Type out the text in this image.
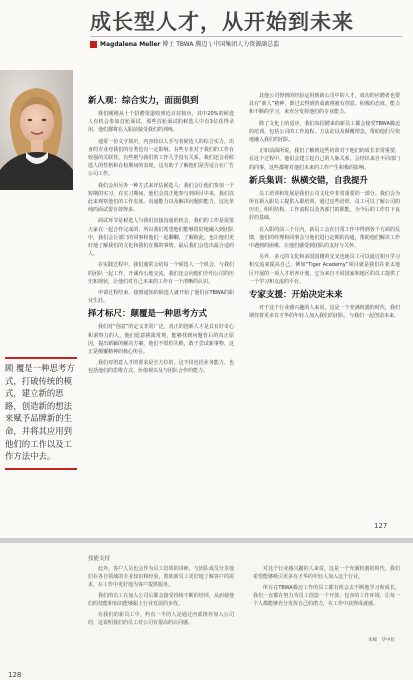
成长型人才，从开始到未来
Magdalena Meller 博士 TBWA 腾迈 \ 中国集团人力资源副总监
顾 覆是一种思考方式，打破传统的模式，建立新的思路，创造新的想法来赋予品牌新的生命，并将其应用到他们的工作以及工作方法中去。
新人观：综合实力，面面俱到

我们刚刚从十个招聘渠道收到近百封简历，其中20%的候选人有机会参加首轮面试，那些首轮面试的候选人中有3位获得录用，他们都将在入职前接受我们的训练。

通常一份文字简历，内容较以人手写者候选人的综合实力，出身的专业对我们的分类也有一定影响。有些专业对于我们的工作有较强的关联性，有些则与我们的工作几乎没有关系。我们还会看候选人的性格和在校期间的表现，这有助于了解他们是否适合在广告公司工作。

我们会用另外一种方式来评估候选人：我们会让他们参加一个短期的实习，在实习期间，他们会真正地参与到项目中来，我们以此来观察他们的工作态度、沟通能力以及解决问题的能力，这比单纯的面试要有效得多。

面试环节是候选人与我们直接沟通的机会，我们的工作是需要大家在一起合作完成的，所以我们希望他们能够很好地融入到团队中，我们会让部门的同事和他们一起聊聊，了解彼此，也让他们更好地了解我们的文化和我们在做的事情。最后我们会选出最合适的人。

在实践过程中，我们通常会给每一个候选人一个机会，与我们的团队一起工作，开诚布公地交流，我们还会向他们介绍公司的历史和现状，让他们对自己未来的工作有一个清晰的认识。

申请过程结束，接到通知的候选人就开始了他们在TBWA的职业生涯。

择才标尺：颠覆是一种思考方式

我们对“创意”的定义非常广泛，真正的创新人才是具有好奇心和洞察力的人，他们愿意挑战常规，能够找到问题背后的真正原因，提出新颖的解决方案。他们不惧怕失败，敢于尝试新事物，这正是颠覆精神的核心所在。

我们对创意人才的要求是全方位的，这不仅包括业务能力，也包括他们的思维方式、价值观以及与团队合作的能力。

其他公司得到的经验运用到新公司中的人才，成功的应聘者也要具有“新人”精神，即过去得到的成就将被有创意、积极的态度、能力和不断的学习，来充分发挥他们的专业能力。

除了文化上的适应，我们每招聘来的新员工都会接受TBWA腾迈的培训，包括公司的工作流程、方法论以及颠覆理念，帮助他们尽快地融入我们的团队。

正如前面所说，我们了解到这些培训对于他们的成长非常重要，在这个过程中，他们会建立起自己的人脉关系，会结识来自不同部门的同事，这些都将对他们未来的工作产生积极的影响。

新兵集训：纵横交错，自我提升

员工培训和发展是我们公司文化中非常重要的一部分。我们会为所有新入职员工提供入职培训，通过这些培训，员工可以了解公司的历史、组织结构、工作流程以及各部门的职能，为今后的工作打下良好的基础。

在入职的前三个月内，新员工会在日常工作中得到各个方面的反馈，他们的经理和同事会与他们进行定期的沟通，帮助他们解决工作中遇到的困难，让他们感受到团队的支持与关怀。

另外，多元的文化和多国国籍的交叉也使员工可以通过相互学习和交流来提高自己，例如“Tiger Academy”项目就是我们在亚太地区开展的一项人才培养计划，它为来自不同国家和地区的员工提供了一个学习和交流的平台。

专家支援：开始决定未来

对于这个行业感兴趣的人来说，这是一个充满机遇的时代，我们期待着更多有才华的年轻人加入我们的团队，与我们一起创造未来。

127
技能支持

此外，客户人员也会作为员工培训的讲师，与团队成员分享他们在各自领域的专业知识和经验，帮助新员工更好地了解客户的需求，在工作中更好地为客户提供服务。

我们的员工在加入公司后都会接受持续不断的培训，从而使他们的技能和知识能够跟上行业发展的步伐。

在我们的新员工中，约有一半的人是通过内部推荐加入公司的，这说明我们的员工对公司有很高的认同感。

对这个行业感兴趣的人来说，这是一个充满机遇的时代，我们希望能够吸引更多有才华的年轻人加入这个行业。

所有在TBWA腾迈工作的员工都有机会去不断地学习和成长，我们一直都在努力为员工创造一个开放、包容的工作环境，让每一个人都能够充分发挥自己的潜力，在工作中获得成就感。

本稿　华中虹
128
